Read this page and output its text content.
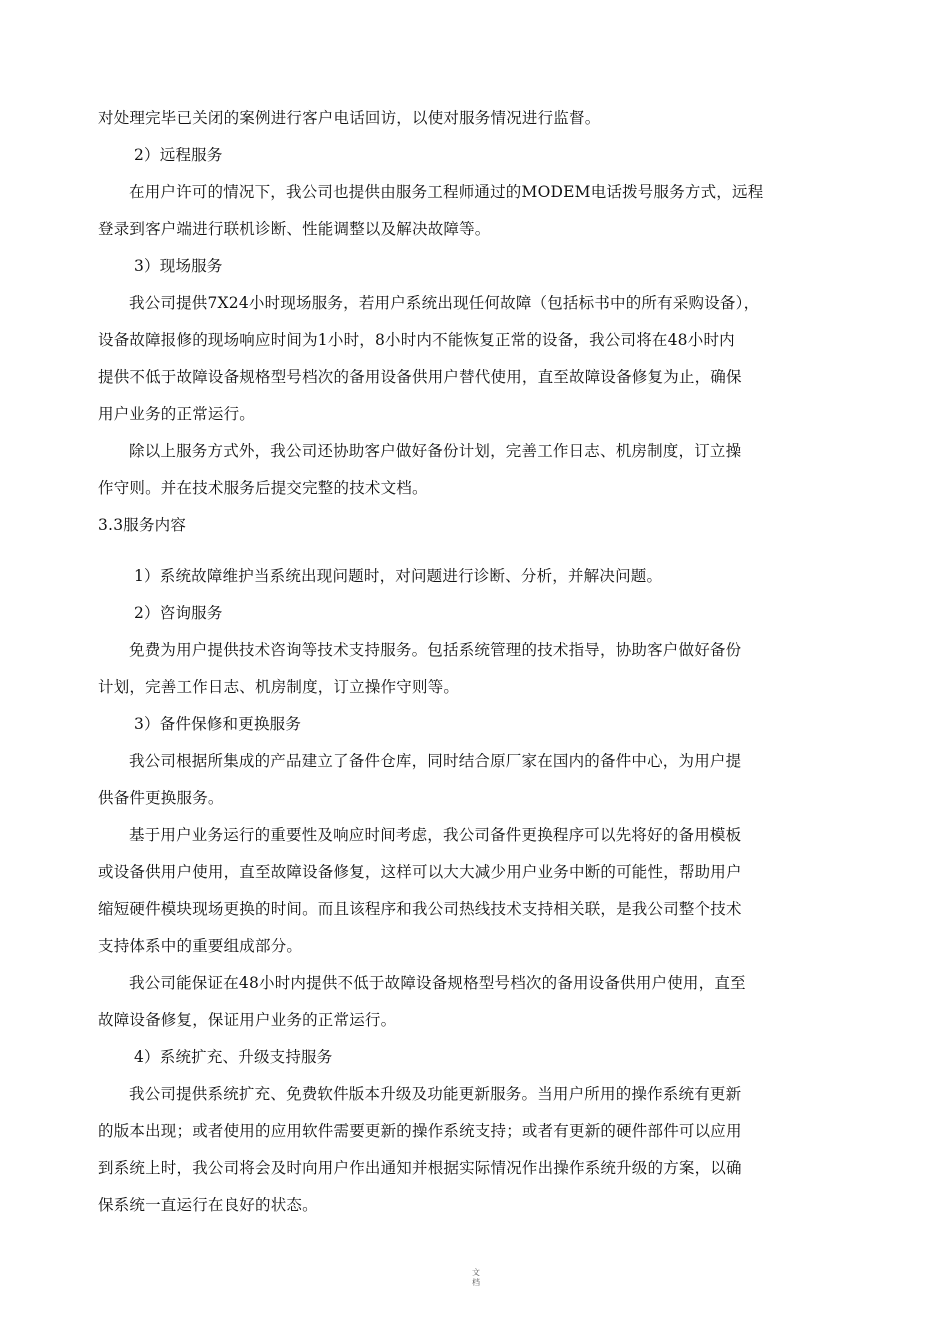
对处理完毕已关闭的案例进行客户电话回访，以使对服务情况进行监督。
2）远程服务
在用户许可的情况下，我公司也提供由服务工程师通过的MODEM电话拨号服务方式，远程
登录到客户端进行联机诊断、性能调整以及解决故障等。
3）现场服务
我公司提供7X24小时现场服务，若用户系统出现任何故障（包括标书中的所有采购设备），
设备故障报修的现场响应时间为1小时，8小时内不能恢复正常的设备，我公司将在48小时内
提供不低于故障设备规格型号档次的备用设备供用户替代使用，直至故障设备修复为止，确保
用户业务的正常运行。
除以上服务方式外，我公司还协助客户做好备份计划，完善工作日志、机房制度，订立操
作守则。并在技术服务后提交完整的技术文档。
3.3服务内容
1）系统故障维护当系统出现问题时，对问题进行诊断、分析，并解决问题。
2）咨询服务
免费为用户提供技术咨询等技术支持服务。包括系统管理的技术指导，协助客户做好备份
计划，完善工作日志、机房制度，订立操作守则等。
3）备件保修和更换服务
我公司根据所集成的产品建立了备件仓库，同时结合原厂家在国内的备件中心，为用户提
供备件更换服务。
基于用户业务运行的重要性及响应时间考虑，我公司备件更换程序可以先将好的备用模板
或设备供用户使用，直至故障设备修复，这样可以大大减少用户业务中断的可能性，帮助用户
缩短硬件模块现场更换的时间。而且该程序和我公司热线技术支持相关联，是我公司整个技术
支持体系中的重要组成部分。
我公司能保证在48小时内提供不低于故障设备规格型号档次的备用设备供用户使用，直至
故障设备修复，保证用户业务的正常运行。
4）系统扩充、升级支持服务
我公司提供系统扩充、免费软件版本升级及功能更新服务。当用户所用的操作系统有更新
的版本出现；或者使用的应用软件需要更新的操作系统支持；或者有更新的硬件部件可以应用
到系统上时，我公司将会及时向用户作出通知并根据实际情况作出操作系统升级的方案，以确
保系统一直运行在良好的状态。
文
档
